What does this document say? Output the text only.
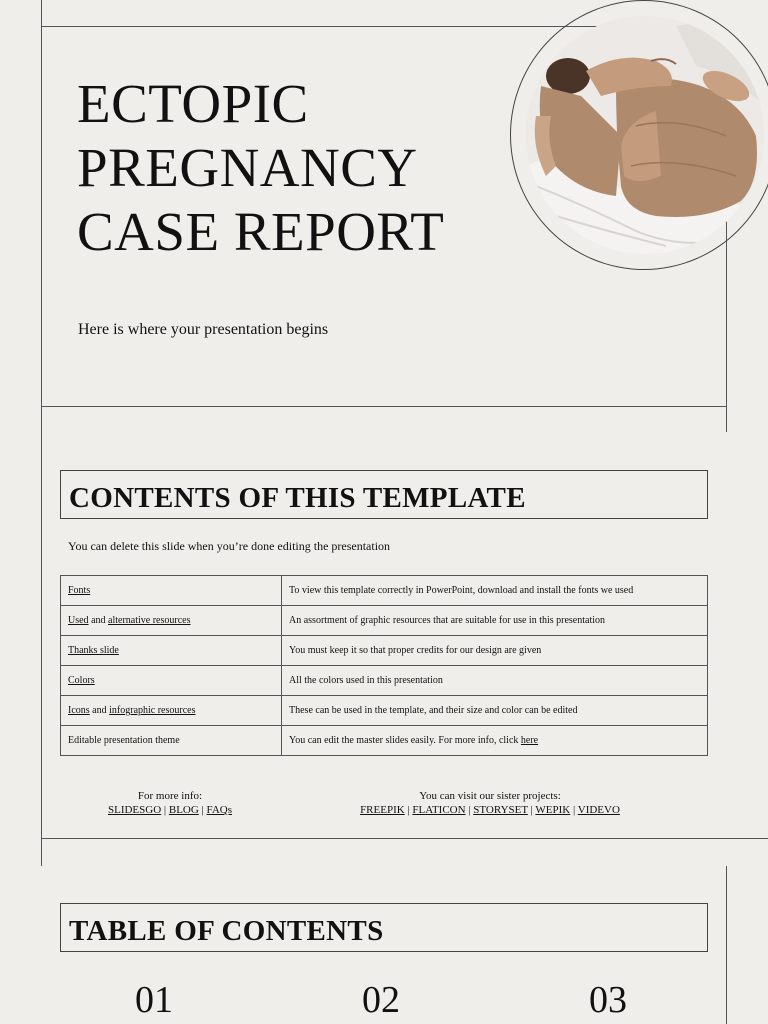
ECTOPIC
PREGNANCY
CASE REPORT
Here is where your presentation begins
CONTENTS OF THIS TEMPLATE
You can delete this slide when you’re done editing the presentation
Fonts	To view this template correctly in PowerPoint, download and install the fonts we used
Used and alternative resources	An assortment of graphic resources that are suitable for use in this presentation
Thanks slide	You must keep it so that proper credits for our design are given
Colors	All the colors used in this presentation
Icons and infographic resources	These can be used in the template, and their size and color can be edited
Editable presentation theme	You can edit the master slides easily. For more info, click here
For more info:
SLIDESGO | BLOG | FAQs
You can visit our sister projects:
FREEPIK | FLATICON | STORYSET | WEPIK | VIDEVO
TABLE OF CONTENTS
01	02	03
